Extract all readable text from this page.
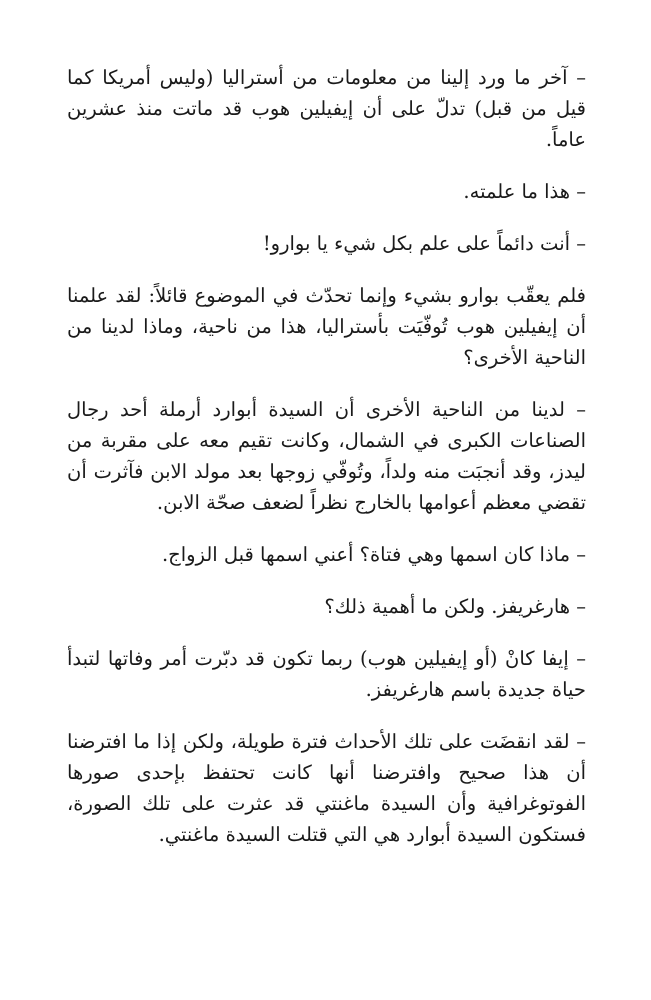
– آخر ما ورد إلينا من معلومات من أستراليا (وليس أمريكا كما قيل من قبل) تدلّ على أن إيفيلين هوب قد ماتت منذ عشرين عاماً.

– هذا ما علمته.

– أنت دائماً على علم بكل شيء يا بوارو!

فلم يعقّب بوارو بشيء وإنما تحدّث في الموضوع قائلاً: لقد علمنا أن إيفيلين هوب تُوفّيَت بأستراليا، هذا من ناحية، وماذا لدينا من الناحية الأخرى؟

– لدينا من الناحية الأخرى أن السيدة أبوارد أرملة أحد رجال الصناعات الكبرى في الشمال، وكانت تقيم معه على مقربة من ليدز، وقد أنجبَت منه ولداً، وتُوفّي زوجها بعد مولد الابن فآثرت أن تقضي معظم أعوامها بالخارج نظراً لضعف صحّة الابن.

– ماذا كان اسمها وهي فتاة؟ أعني اسمها قبل الزواج.

– هارغريفز. ولكن ما أهمية ذلك؟

– إيفا كانْ (أو إيفيلين هوب) ربما تكون قد دبّرت أمر وفاتها لتبدأ حياة جديدة باسم هارغريفز.

– لقد انقضَت على تلك الأحداث فترة طويلة، ولكن إذا ما افترضنا أن هذا صحيح وافترضنا أنها كانت تحتفظ بإحدى صورها الفوتوغرافية وأن السيدة ماغنتي قد عثرت على تلك الصورة، فستكون السيدة أبوارد هي التي قتلت السيدة ماغنتي.
